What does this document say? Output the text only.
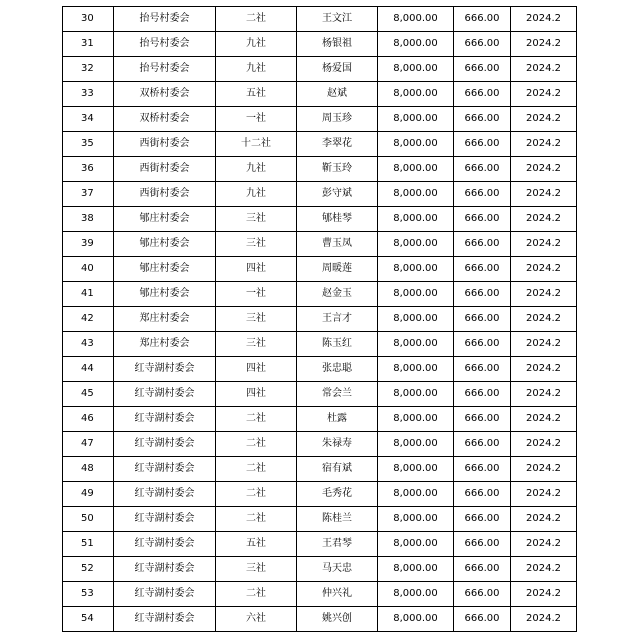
30	抬号村委会	二社	王文江	8,000.00	666.00	2024.2
31	抬号村委会	九社	杨银祖	8,000.00	666.00	2024.2
32	抬号村委会	九社	杨爱国	8,000.00	666.00	2024.2
33	双桥村委会	五社	赵斌	8,000.00	666.00	2024.2
34	双桥村委会	一社	周玉珍	8,000.00	666.00	2024.2
35	西街村委会	十二社	李翠花	8,000.00	666.00	2024.2
36	西街村委会	九社	靳玉玲	8,000.00	666.00	2024.2
37	西街村委会	九社	彭守斌	8,000.00	666.00	2024.2
38	郇庄村委会	三社	郇桂琴	8,000.00	666.00	2024.2
39	郇庄村委会	三社	曹玉凤	8,000.00	666.00	2024.2
40	郇庄村委会	四社	周暖莲	8,000.00	666.00	2024.2
41	郇庄村委会	一社	赵金玉	8,000.00	666.00	2024.2
42	郑庄村委会	三社	王言才	8,000.00	666.00	2024.2
43	郑庄村委会	三社	陈玉红	8,000.00	666.00	2024.2
44	红寺湖村委会	四社	张忠聪	8,000.00	666.00	2024.2
45	红寺湖村委会	四社	常会兰	8,000.00	666.00	2024.2
46	红寺湖村委会	二社	杜露	8,000.00	666.00	2024.2
47	红寺湖村委会	二社	朱禄寿	8,000.00	666.00	2024.2
48	红寺湖村委会	二社	宿有斌	8,000.00	666.00	2024.2
49	红寺湖村委会	二社	毛秀花	8,000.00	666.00	2024.2
50	红寺湖村委会	二社	陈桂兰	8,000.00	666.00	2024.2
51	红寺湖村委会	五社	王君琴	8,000.00	666.00	2024.2
52	红寺湖村委会	三社	马天忠	8,000.00	666.00	2024.2
53	红寺湖村委会	二社	仲兴礼	8,000.00	666.00	2024.2
54	红寺湖村委会	六社	姚兴创	8,000.00	666.00	2024.2
